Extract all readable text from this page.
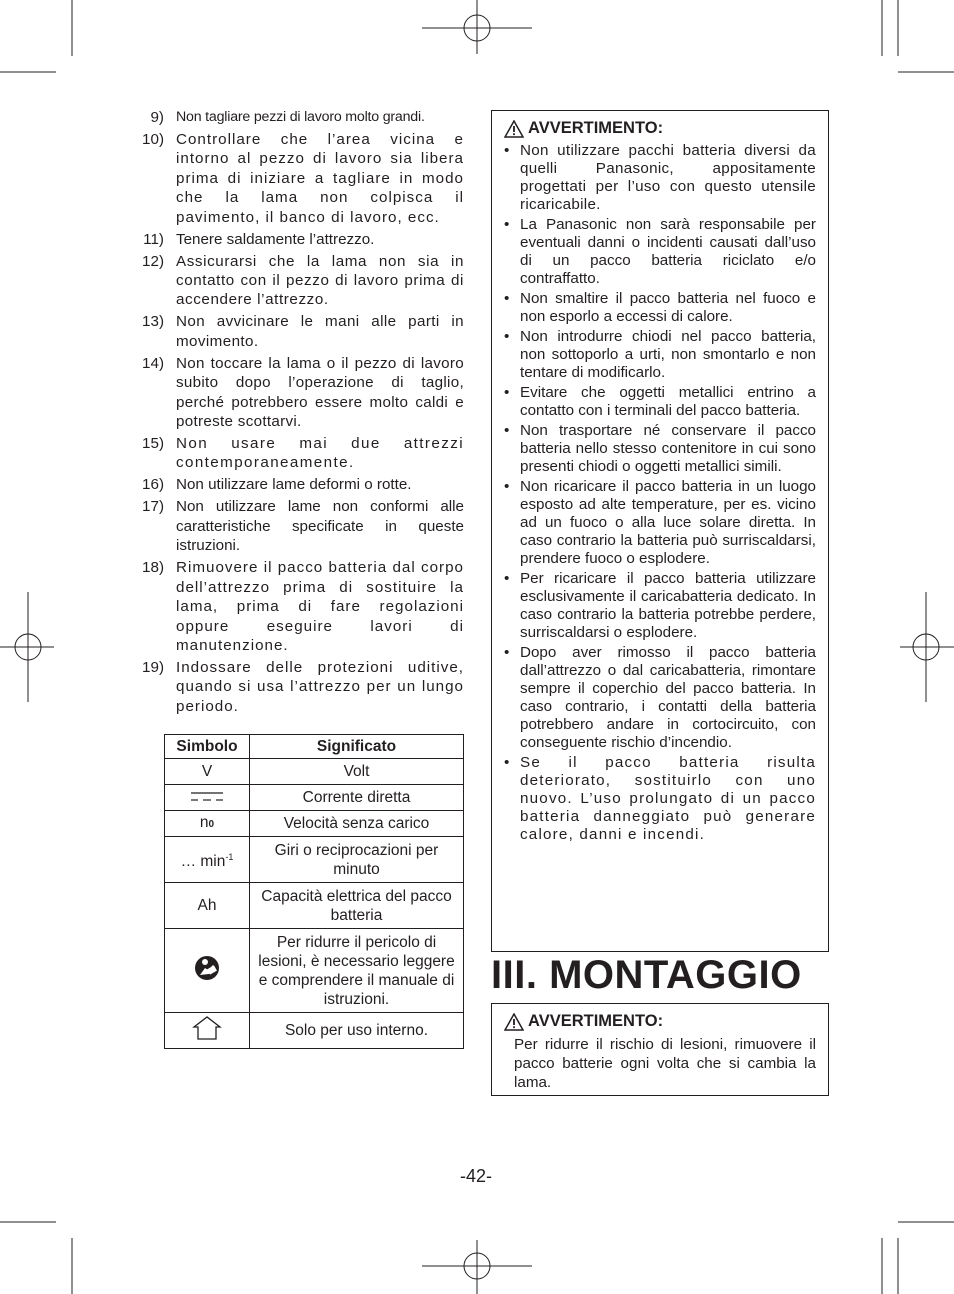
9) Non tagliare pezzi di lavoro molto grandi.
10) Controllare che l’area vicina e intorno al pezzo di lavoro sia libera prima di iniziare a tagliare in modo che la lama non colpisca il pavimento, il banco di lavoro, ecc.
11) Tenere saldamente l’attrezzo.
12) Assicurarsi che la lama non sia in contatto con il pezzo di lavoro prima di accendere l’attrezzo.
13) Non avvicinare le mani alle parti in movimento.
14) Non toccare la lama o il pezzo di lavoro subito dopo l’operazione di taglio, perché potrebbero essere molto caldi e potreste scottarvi.
15) Non usare mai due attrezzi contemporaneamente.
16) Non utilizzare lame deformi o rotte.
17) Non utilizzare lame non conformi alle caratteristiche specificate in queste istruzioni.
18) Rimuovere il pacco batteria dal corpo dell’attrezzo prima di sostituire la lama, prima di fare regolazioni oppure eseguire lavori di manutenzione.
19) Indossare delle protezioni uditive, quando si usa l’attrezzo per un lungo periodo.
Simbolo	Significato
V	Volt
	Corrente diretta
n0	Velocità senza carico
… $\min^{-1}$	Giri o reciprocazioni per minuto
Ah	Capacità elettrica del pacco batteria
	Per ridurre il pericolo di lesioni, è necessario leggere e comprendere il manuale di istruzioni.
	Solo per uso interno.
AVVERTIMENTO:
• Non utilizzare pacchi batteria diversi da quelli Panasonic, appositamente progettati per l’uso con questo utensile ricaricabile.
• La Panasonic non sarà responsabile per eventuali danni o incidenti causati dall’uso di un pacco batteria riciclato e/o contraffatto.
• Non smaltire il pacco batteria nel fuoco e non esporlo a eccessi di calore.
• Non introdurre chiodi nel pacco batteria, non sottoporlo a urti, non smontarlo e non tentare di modificarlo.
• Evitare che oggetti metallici entrino a contatto con i terminali del pacco batteria.
• Non trasportare né conservare il pacco batteria nello stesso contenitore in cui sono presenti chiodi o oggetti metallici simili.
• Non ricaricare il pacco batteria in un luogo esposto ad alte temperature, per es. vicino ad un fuoco o alla luce solare diretta. In caso contrario la batteria può surriscaldarsi, prendere fuoco o esplodere.
• Per ricaricare il pacco batteria utilizzare esclusivamente il caricabatteria dedicato. In caso contrario la batteria potrebbe perdere, surriscaldarsi o esplodere.
• Dopo aver rimosso il pacco batteria dall’attrezzo o dal caricabatteria, rimontare sempre il coperchio del pacco batteria. In caso contrario, i contatti della batteria potrebbero andare in cortocircuito, con conseguente rischio d’incendio.
• Se il pacco batteria risulta deteriorato, sostituirlo con uno nuovo. L’uso prolungato di un pacco batteria danneggiato può generare calore, danni e incendi.
III. MONTAGGIO
AVVERTIMENTO:
Per ridurre il rischio di lesioni, rimuovere il pacco batterie ogni volta che si cambia la lama.
-42-
